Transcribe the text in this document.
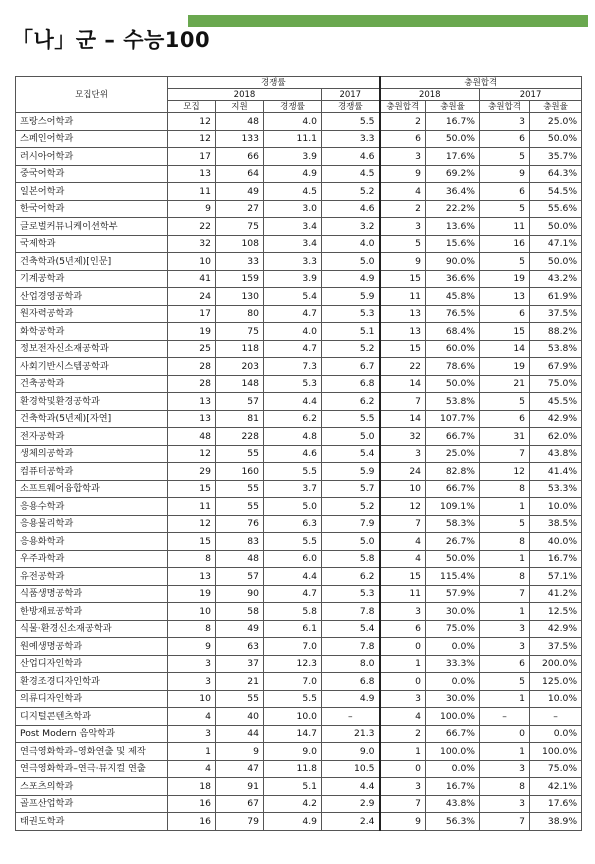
「나」군 – 수능100
모집단위	경쟁률				충원합격			
	2018			2017	2018		2017	
	모집	지원	경쟁률	경쟁률	충원합격	충원율	충원합격	충원율
프랑스어학과	12	48	4.0	5.5	2	16.7%	3	25.0%
스페인어학과	12	133	11.1	3.3	6	50.0%	6	50.0%
러시아어학과	17	66	3.9	4.6	3	17.6%	5	35.7%
중국어학과	13	64	4.9	4.5	9	69.2%	9	64.3%
일본어학과	11	49	4.5	5.2	4	36.4%	6	54.5%
한국어학과	9	27	3.0	4.6	2	22.2%	5	55.6%
글로벌커뮤니케이션학부	22	75	3.4	3.2	3	13.6%	11	50.0%
국제학과	32	108	3.4	4.0	5	15.6%	16	47.1%
건축학과(5년제)[인문]	10	33	3.3	5.0	9	90.0%	5	50.0%
기계공학과	41	159	3.9	4.9	15	36.6%	19	43.2%
산업경영공학과	24	130	5.4	5.9	11	45.8%	13	61.9%
원자력공학과	17	80	4.7	5.3	13	76.5%	6	37.5%
화학공학과	19	75	4.0	5.1	13	68.4%	15	88.2%
정보전자신소재공학과	25	118	4.7	5.2	15	60.0%	14	53.8%
사회기반시스템공학과	28	203	7.3	6.7	22	78.6%	19	67.9%
건축공학과	28	148	5.3	6.8	14	50.0%	21	75.0%
환경학및환경공학과	13	57	4.4	6.2	7	53.8%	5	45.5%
건축학과(5년제)[자연]	13	81	6.2	5.5	14	107.7%	6	42.9%
전자공학과	48	228	4.8	5.0	32	66.7%	31	62.0%
생체의공학과	12	55	4.6	5.4	3	25.0%	7	43.8%
컴퓨터공학과	29	160	5.5	5.9	24	82.8%	12	41.4%
소프트웨어융합학과	15	55	3.7	5.7	10	66.7%	8	53.3%
응용수학과	11	55	5.0	5.2	12	109.1%	1	10.0%
응용물리학과	12	76	6.3	7.9	7	58.3%	5	38.5%
응용화학과	15	83	5.5	5.0	4	26.7%	8	40.0%
우주과학과	8	48	6.0	5.8	4	50.0%	1	16.7%
유전공학과	13	57	4.4	6.2	15	115.4%	8	57.1%
식품생명공학과	19	90	4.7	5.3	11	57.9%	7	41.2%
한방재료공학과	10	58	5.8	7.8	3	30.0%	1	12.5%
식물·환경신소재공학과	8	49	6.1	5.4	6	75.0%	3	42.9%
원예생명공학과	9	63	7.0	7.8	0	0.0%	3	37.5%
산업디자인학과	3	37	12.3	8.0	1	33.3%	6	200.0%
환경조경디자인학과	3	21	7.0	6.8	0	0.0%	5	125.0%
의류디자인학과	10	55	5.5	4.9	3	30.0%	1	10.0%
디지털콘텐츠학과	4	40	10.0	–	4	100.0%	–	–
Post Modern 음악학과	3	44	14.7	21.3	2	66.7%	0	0.0%
연극영화학과–영화연출 및 제작	1	9	9.0	9.0	1	100.0%	1	100.0%
연극영화학과–연극·뮤지컬 연출	4	47	11.8	10.5	0	0.0%	3	75.0%
스포츠의학과	18	91	5.1	4.4	3	16.7%	8	42.1%
골프산업학과	16	67	4.2	2.9	7	43.8%	3	17.6%
태권도학과	16	79	4.9	2.4	9	56.3%	7	38.9%
